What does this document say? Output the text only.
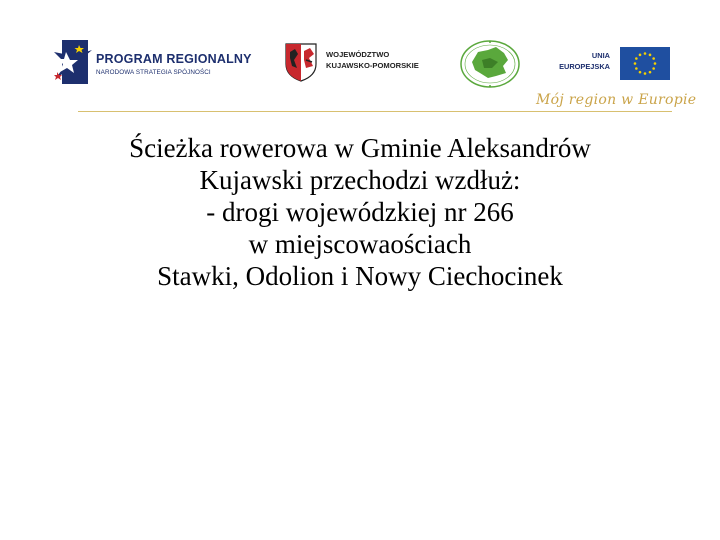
PROGRAM REGIONALNY
NARODOWA STRATEGIA SPÓJNOŚCI
WOJEWÓDZTWO
KUJAWSKO-POMORSKIE
UNIA
EUROPEJSKA
Mój region w Europie
Ścieżka rowerowa w Gminie Aleksandrów
Kujawski przechodzi wzdłuż:
- drogi wojewódzkiej nr 266
w miejscowaościach
Stawki, Odolion i Nowy Ciechocinek
